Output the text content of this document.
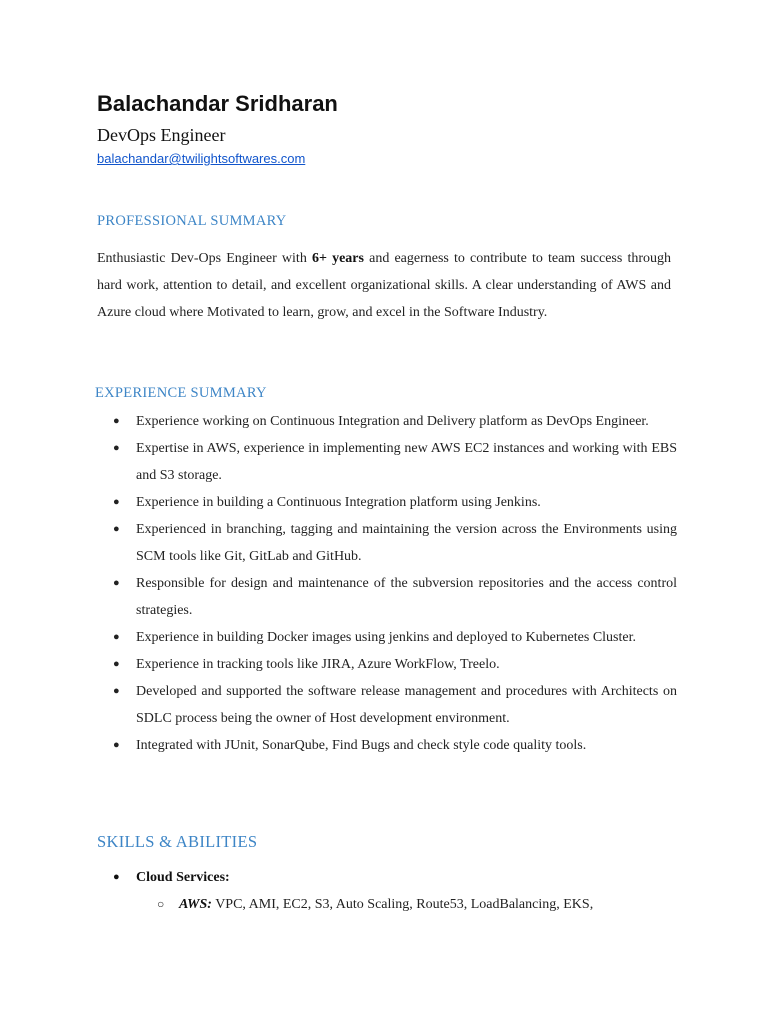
Balachandar Sridharan
DevOps Engineer
balachandar@twilightsoftwares.com
PROFESSIONAL SUMMARY
Enthusiastic Dev-Ops Engineer with 6+ years and eagerness to contribute to team success through hard work, attention to detail, and excellent organizational skills. A clear understanding of AWS and Azure cloud where Motivated to learn, grow, and excel in the Software Industry.
EXPERIENCE SUMMARY
● Experience working on Continuous Integration and Delivery platform as DevOps Engineer.
● Expertise in AWS, experience in implementing new AWS EC2 instances and working with EBS and S3 storage.
● Experience in building a Continuous Integration platform using Jenkins.
● Experienced in branching, tagging and maintaining the version across the Environments using SCM tools like Git, GitLab and GitHub.
● Responsible for design and maintenance of the subversion repositories and the access control strategies.
● Experience in building Docker images using jenkins and deployed to Kubernetes Cluster.
● Experience in tracking tools like JIRA, Azure WorkFlow, Treelo.
● Developed and supported the software release management and procedures with Architects on SDLC process being the owner of Host development environment.
● Integrated with JUnit, SonarQube, Find Bugs and check style code quality tools.
SKILLS & ABILITIES
● Cloud Services:
○ AWS: VPC, AMI, EC2, S3, Auto Scaling, Route53, LoadBalancing, EKS,
